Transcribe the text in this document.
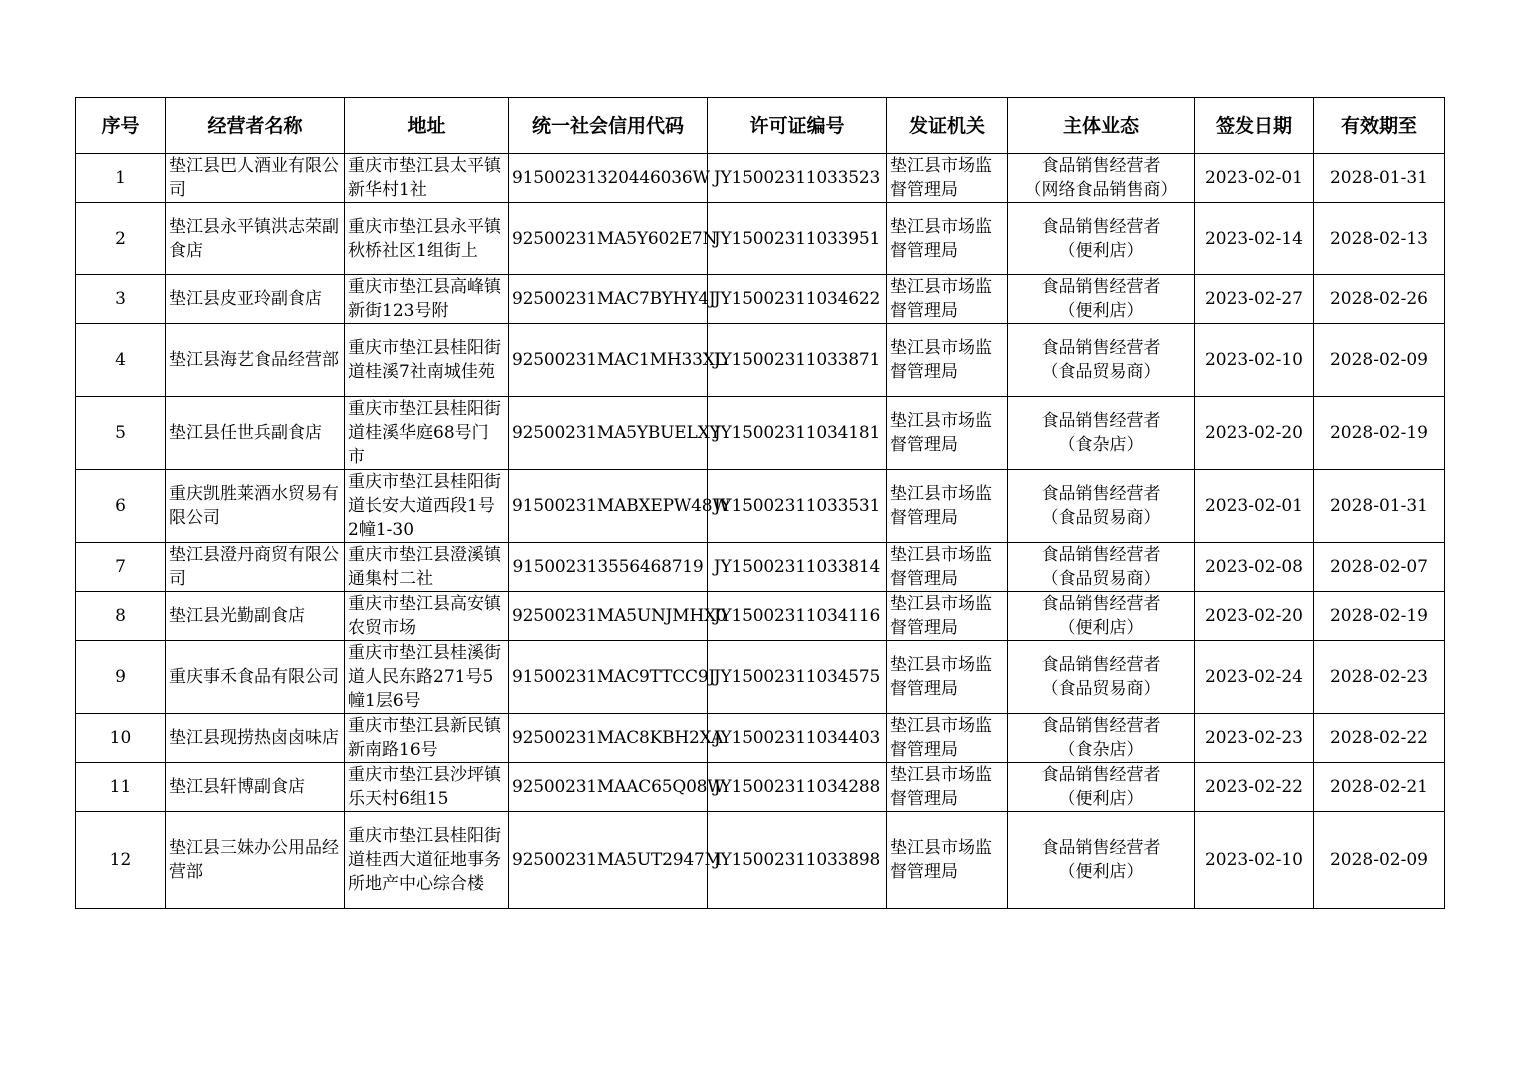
序号	经营者名称	地址	统一社会信用代码	许可证编号	发证机关	主体业态	签发日期	有效期至
1	垫江县巴人酒业有限公司	重庆市垫江县太平镇新华村1社	91500231320446036W	JY15002311033523	垫江县市场监督管理局	食品销售经营者
（网络食品销售商）	2023-02-01	2028-01-31
2	垫江县永平镇洪志荣副食店	重庆市垫江县永平镇秋桥社区1组街上	92500231MA5Y602E7N	JY15002311033951	垫江县市场监督管理局	食品销售经营者
（便利店）	2023-02-14	2028-02-13
3	垫江县皮亚玲副食店	重庆市垫江县高峰镇新街123号附	92500231MAC7BYHY4J	JY15002311034622	垫江县市场监督管理局	食品销售经营者
（便利店）	2023-02-27	2028-02-26
4	垫江县海艺食品经营部	重庆市垫江县桂阳街道桂溪7社南城佳苑	92500231MAC1MH33XL	JY15002311033871	垫江县市场监督管理局	食品销售经营者
（食品贸易商）	2023-02-10	2028-02-09
5	垫江县任世兵副食店	重庆市垫江县桂阳街道桂溪华庭68号门市	92500231MA5YBUELXY	JY15002311034181	垫江县市场监督管理局	食品销售经营者
（食杂店）	2023-02-20	2028-02-19
6	重庆凯胜莱酒水贸易有限公司	重庆市垫江县桂阳街道长安大道西段1号2幢1-30	91500231MABXEPW48W	JY15002311033531	垫江县市场监督管理局	食品销售经营者
（食品贸易商）	2023-02-01	2028-01-31
7	垫江县澄丹商贸有限公司	重庆市垫江县澄溪镇通集村二社	915002313556468719	JY15002311033814	垫江县市场监督管理局	食品销售经营者
（食品贸易商）	2023-02-08	2028-02-07
8	垫江县光勤副食店	重庆市垫江县高安镇农贸市场	92500231MA5UNJMHX0	JY15002311034116	垫江县市场监督管理局	食品销售经营者
（便利店）	2023-02-20	2028-02-19
9	重庆事禾食品有限公司	重庆市垫江县桂溪街道人民东路271号5幢1层6号	91500231MAC9TTCC9J	JY15002311034575	垫江县市场监督管理局	食品销售经营者
（食品贸易商）	2023-02-24	2028-02-23
10	垫江县现捞热卤卤味店	重庆市垫江县新民镇新南路16号	92500231MAC8KBH2XA	JY15002311034403	垫江县市场监督管理局	食品销售经营者
（食杂店）	2023-02-23	2028-02-22
11	垫江县轩博副食店	重庆市垫江县沙坪镇乐天村6组15	92500231MAAC65Q08W	JY15002311034288	垫江县市场监督管理局	食品销售经营者
（便利店）	2023-02-22	2028-02-21
12	垫江县三妹办公用品经营部	重庆市垫江县桂阳街道桂西大道征地事务所地产中心综合楼	92500231MA5UT2947M	JY15002311033898	垫江县市场监督管理局	食品销售经营者
（便利店）	2023-02-10	2028-02-09
